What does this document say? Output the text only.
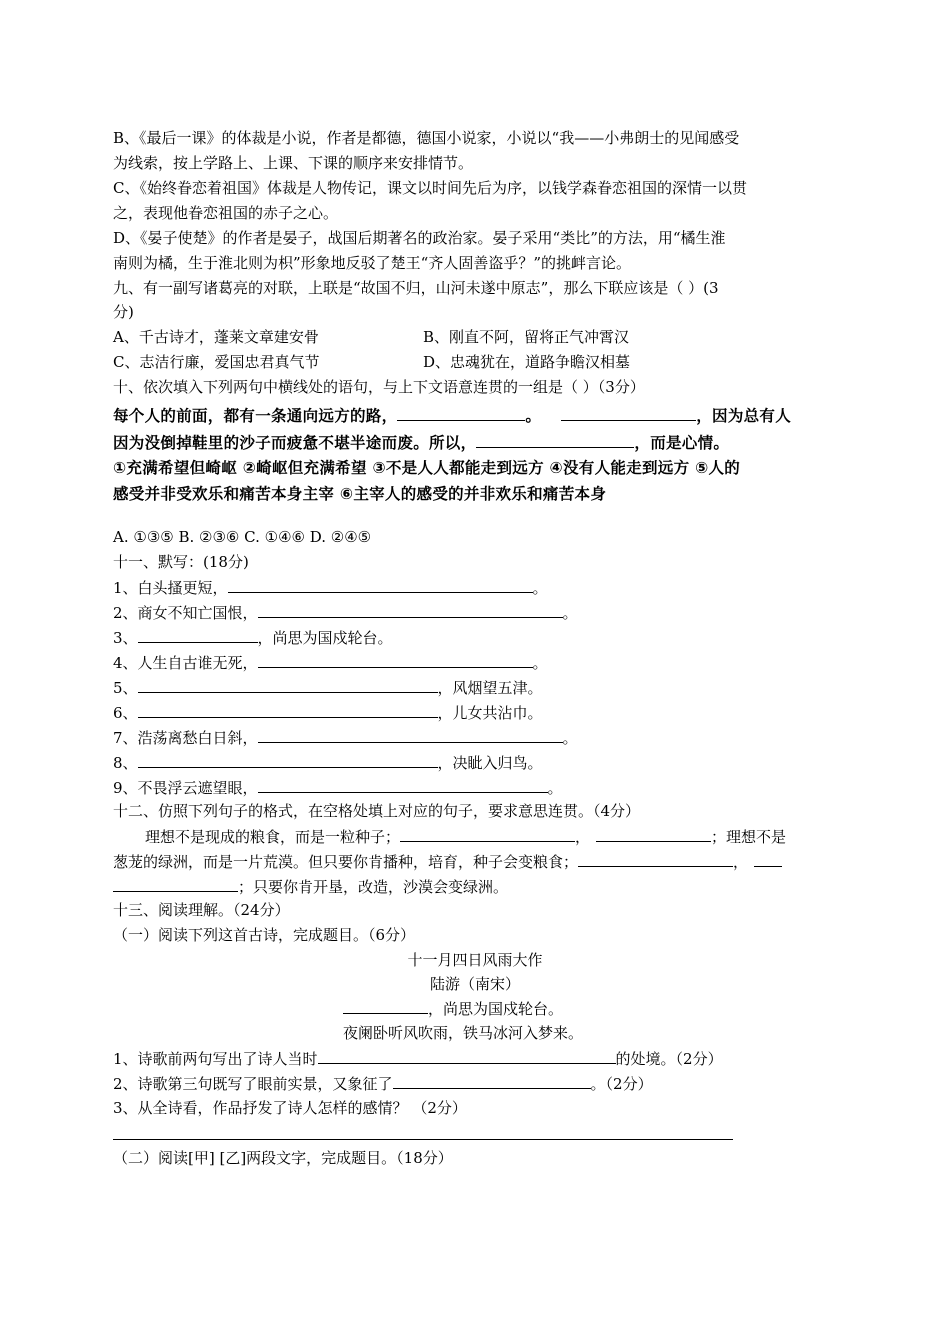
B、《最后一课》的体裁是小说，作者是都德，德国小说家，小说以“我——小弗朗士的见闻感受
为线索，按上学路上、上课、下课的顺序来安排情节。
C、《始终眷恋着祖国》体裁是人物传记，课文以时间先后为序，以钱学森眷恋祖国的深情一以贯
之，表现他眷恋祖国的赤子之心。
D、《晏子使楚》的作者是晏子，战国后期著名的政治家。晏子采用“类比”的方法，用“橘生淮
南则为橘，生于淮北则为枳”形象地反驳了楚王“齐人固善盗乎？”的挑衅言论。
九、有一副写诸葛亮的对联，上联是“故国不归，山河未遂中原志”，那么下联应该是（ ）(3
分)
A、千古诗才，蓬莱文章建安骨	B、刚直不阿，留将正气冲霄汉
C、志洁行廉，爱国忠君真气节	D、忠魂犹在，道路争瞻汉相墓
十、依次填入下列两句中横线处的语句，与上下文语意连贯的一组是（ ）（3分）
每个人的前面，都有一条通向远方的路，	。	，因为总有人
因为没倒掉鞋里的沙子而疲惫不堪半途而废。所以，	，而是心情。
①充满希望但崎岖 ②崎岖但充满希望 ③不是人人都能走到远方 ④没有人能走到远方 ⑤人的
感受并非受欢乐和痛苦本身主宰 ⑥主宰人的感受的并非欢乐和痛苦本身
A. ①③⑤ B. ②③⑥ C. ①④⑥ D. ②④⑤
十一、默写：(18分)
1、白头搔更短，	。
2、商女不知亡国恨，	。
3、	，尚思为国戍轮台。
4、人生自古谁无死，	。
5、	，风烟望五津。
6、	，儿女共沾巾。
7、浩荡离愁白日斜，	。
8、	，决眦入归鸟。
9、不畏浮云遮望眼，	。
十二、仿照下列句子的格式，在空格处填上对应的句子，要求意思连贯。（4分）
理想不是现成的粮食，而是一粒种子；	，	；理想不是
葱茏的绿洲，而是一片荒漠。但只要你肯播种，培育，种子会变粮食；	，
；只要你肯开垦，改造，沙漠会变绿洲。
十三、阅读理解。（24分）
（一）阅读下列这首古诗，完成题目。（6分）
十一月四日风雨大作
陆游（南宋）
，尚思为国戍轮台。
夜阑卧听风吹雨，铁马冰河入梦来。
1、诗歌前两句写出了诗人当时	的处境。（2分）
2、诗歌第三句既写了眼前实景，又象征了	。（2分）
3、从全诗看，作品抒发了诗人怎样的感情？ （2分）
（二）阅读[甲] [乙]两段文字，完成题目。（18分）
